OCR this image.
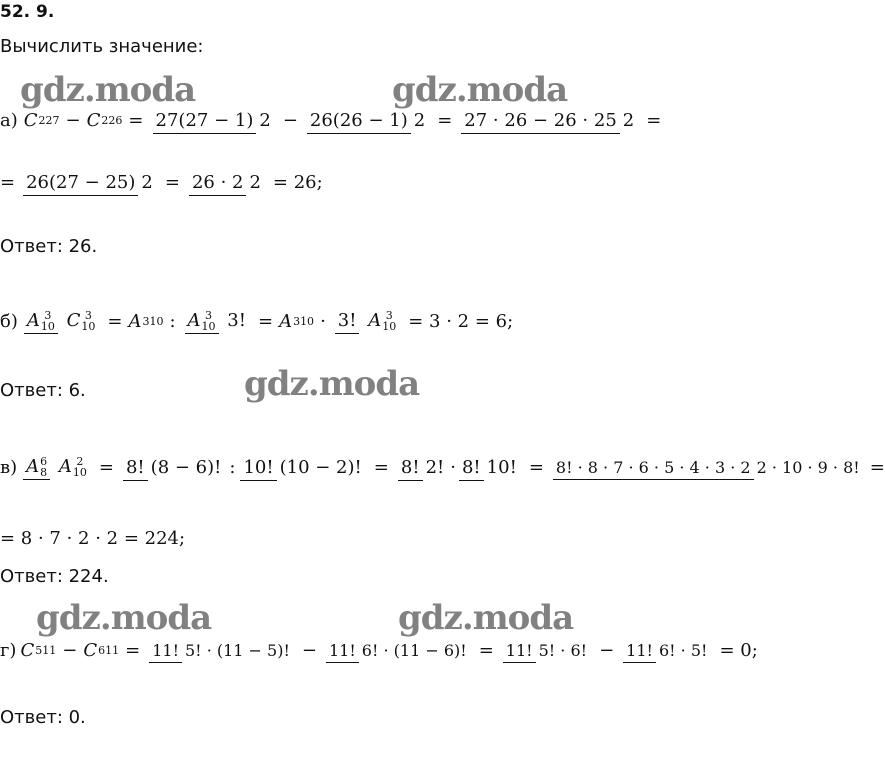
52. 9.
Вычислить значение:
gdz.moda	gdz.moda
gdz.moda
gdz.moda	gdz.moda
а) C 227 − C 226 = 27(27 − 1) 2 − 26(26 − 1) 2 = 27 · 26 − 26 · 25 2 =
= 26(27 − 25) 2 = 26 · 2 2 = 26;
Ответ: 26.
б) A 3
10 C 3
10 = A 310 : A 3
10 3! = A 310 · 3! A 3
10 = 3 · 2 = 6;
Ответ: 6.
в) A 6
8 A 2
10 = 8! (8 − 6)! : 10! (10 − 2)! = 8! 2! · 8! 10! = 8! · 8 · 7 · 6 · 5 · 4 · 3 · 2 2 · 10 · 9 · 8! =
= 8 · 7 · 2 · 2 = 224;
Ответ: 224.
г) C 511 − C 611 = 11! 5! · (11 − 5)! − 11! 6! · (11 − 6)! = 11! 5! · 6! − 11! 6! · 5! = 0;
Ответ: 0.
